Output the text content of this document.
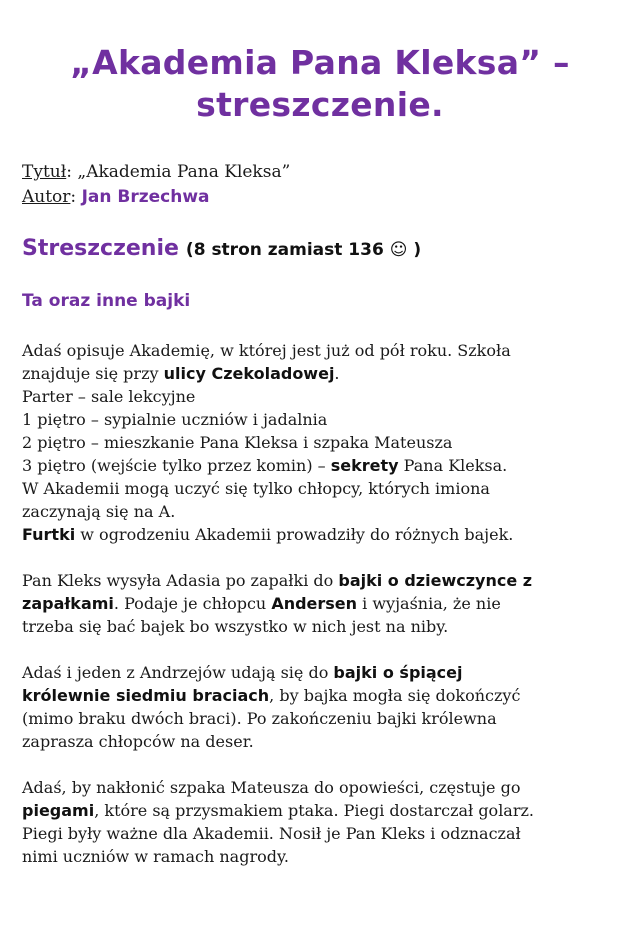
„Akademia Pana Kleksa” –
streszczenie.
Tytuł: „Akademia Pana Kleksa”
Autor: Jan Brzechwa
Streszczenie (8 stron zamiast 136 ☺ )
Ta oraz inne bajki

Adaś opisuje Akademię, w której jest już od pół roku. Szkoła

znajduje się przy ulicy Czekoladowej.

Parter – sale lekcyjne

1 piętro – sypialnie uczniów i jadalnia

2 piętro – mieszkanie Pana Kleksa i szpaka Mateusza

3 piętro (wejście tylko przez komin) – sekrety Pana Kleksa.

W Akademii mogą uczyć się tylko chłopcy, których imiona

zaczynają się na A.

Furtki w ogrodzeniu Akademii prowadziły do różnych bajek.

Pan Kleks wysyła Adasia po zapałki do bajki o dziewczynce z

zapałkami. Podaje je chłopcu Andersen i wyjaśnia, że nie

trzeba się bać bajek bo wszystko w nich jest na niby.

Adaś i jeden z Andrzejów udają się do bajki o śpiącej

królewnie siedmiu braciach, by bajka mogła się dokończyć

(mimo braku dwóch braci). Po zakończeniu bajki królewna

zaprasza chłopców na deser.

Adaś, by nakłonić szpaka Mateusza do opowieści, częstuje go

piegami, które są przysmakiem ptaka. Piegi dostarczał golarz.

Piegi były ważne dla Akademii. Nosił je Pan Kleks i odznaczał

nimi uczniów w ramach nagrody.
